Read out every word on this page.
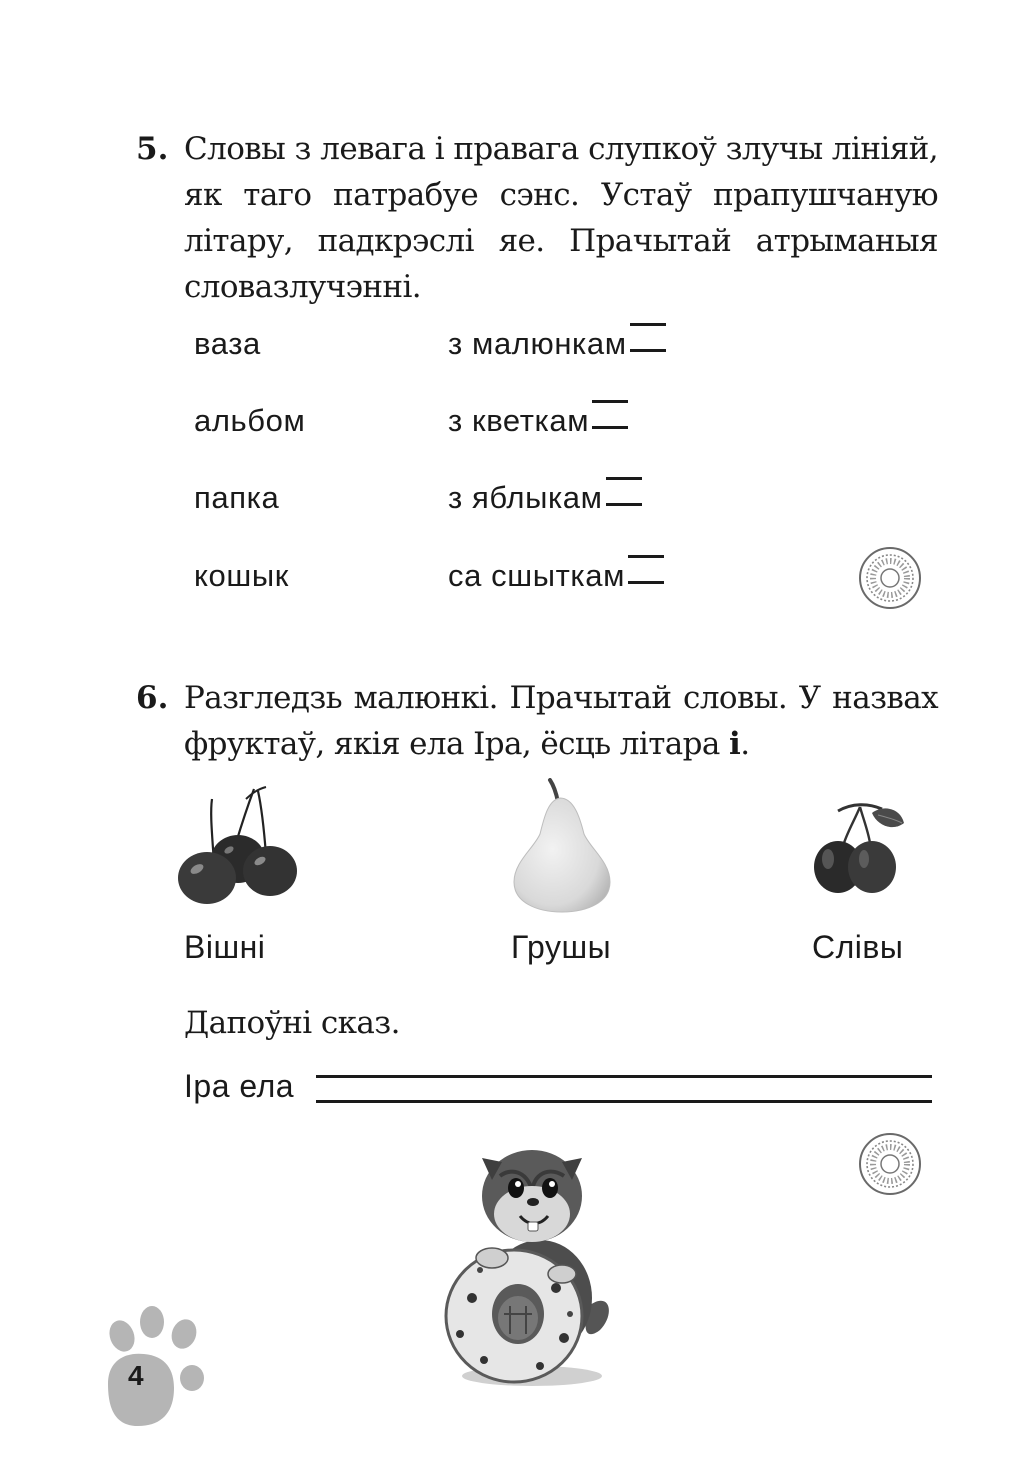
5. Словы з левага і правага слупкоў злучы лініяй,
як таго патрабуе сэнс. Устаў прапушчаную
літару, падкрэслі яе. Прачытай атрыманыя
словазлучэнні.
ваза
альбом
папка
кошык
з малюнкам
з кветкам
з яблыкам
са сшыткам
6. Разгледзь малюнкі. Прачытай словы. У назвах
фруктаў, якія ела Іра, ёсць літара і.
Вішні	Грушы	Слівы
Дапоўні сказ.
Іра ела
4
